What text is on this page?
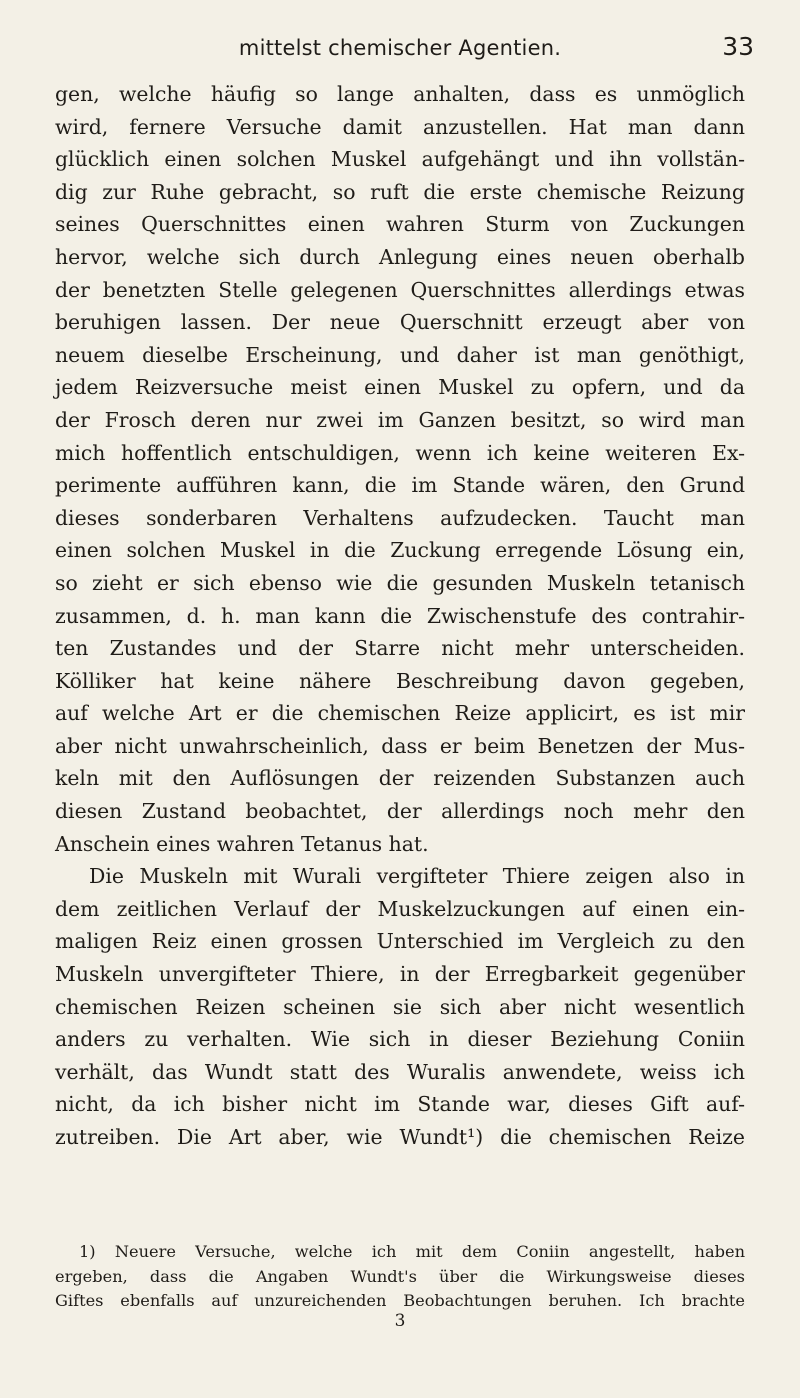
mittelst chemischer Agentien.	33
gen, welche häufig so lange anhalten, dass es unmöglich
wird, fernere Versuche damit anzustellen. Hat man dann
glücklich einen solchen Muskel aufgehängt und ihn vollstän-
dig zur Ruhe gebracht, so ruft die erste chemische Reizung
seines Querschnittes einen wahren Sturm von Zuckungen
hervor, welche sich durch Anlegung eines neuen oberhalb
der benetzten Stelle gelegenen Querschnittes allerdings etwas
beruhigen lassen. Der neue Querschnitt erzeugt aber von
neuem dieselbe Erscheinung, und daher ist man genöthigt,
jedem Reizversuche meist einen Muskel zu opfern, und da
der Frosch deren nur zwei im Ganzen besitzt, so wird man
mich hoffentlich entschuldigen, wenn ich keine weiteren Ex-
perimente aufführen kann, die im Stande wären, den Grund
dieses sonderbaren Verhaltens aufzudecken. Taucht man
einen solchen Muskel in die Zuckung erregende Lösung ein,
so zieht er sich ebenso wie die gesunden Muskeln tetanisch
zusammen, d. h. man kann die Zwischenstufe des contrahir-
ten Zustandes und der Starre nicht mehr unterscheiden.
Kölliker hat keine nähere Beschreibung davon gegeben,
auf welche Art er die chemischen Reize applicirt, es ist mir
aber nicht unwahrscheinlich, dass er beim Benetzen der Mus-
keln mit den Auflösungen der reizenden Substanzen auch
diesen Zustand beobachtet, der allerdings noch mehr den
Anschein eines wahren Tetanus hat.
Die Muskeln mit Wurali vergifteter Thiere zeigen also in
dem zeitlichen Verlauf der Muskelzuckungen auf einen ein-
maligen Reiz einen grossen Unterschied im Vergleich zu den
Muskeln unvergifteter Thiere, in der Erregbarkeit gegenüber
chemischen Reizen scheinen sie sich aber nicht wesentlich
anders zu verhalten. Wie sich in dieser Beziehung Coniin
verhält, das Wundt statt des Wuralis anwendete, weiss ich
nicht, da ich bisher nicht im Stande war, dieses Gift auf-
zutreiben. Die Art aber, wie Wundt¹) die chemischen Reize
1) Neuere Versuche, welche ich mit dem Coniin angestellt, haben
ergeben, dass die Angaben Wundt's über die Wirkungsweise dieses
Giftes ebenfalls auf unzureichenden Beobachtungen beruhen. Ich brachte
3
